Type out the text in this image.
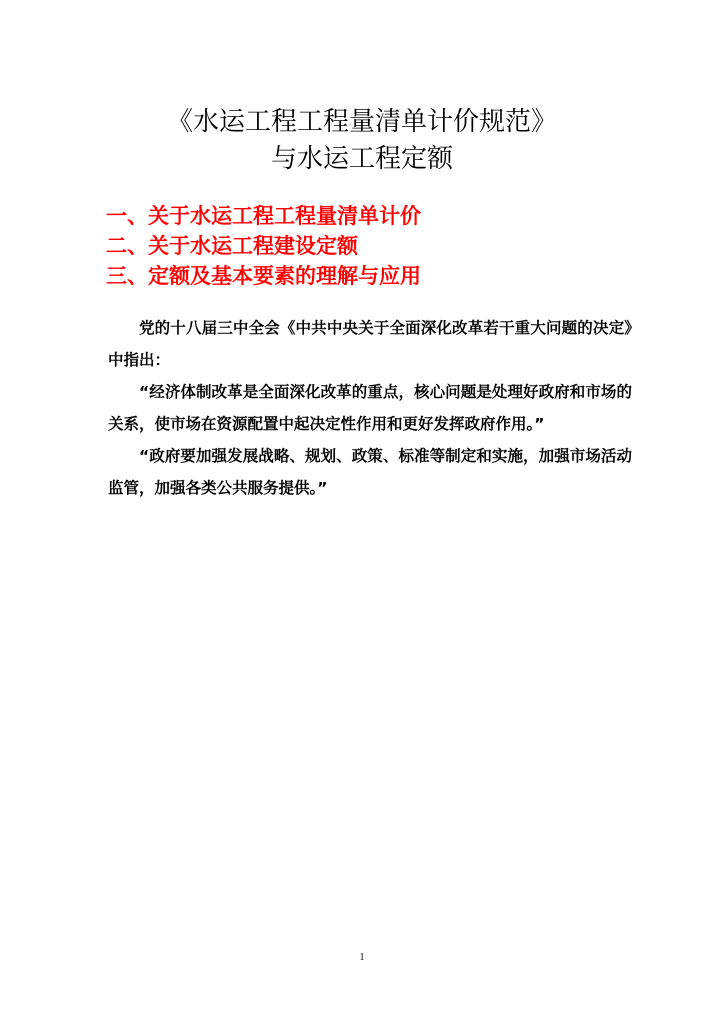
《水运工程工程量清单计价规范》
与水运工程定额
一、关于水运工程工程量清单计价
二、关于水运工程建设定额
三、定额及基本要素的理解与应用

党的十八届三中全会《中共中央关于全面深化改革若干重大问题的决定》中指出：

“经济体制改革是全面深化改革的重点，核心问题是处理好政府和市场的关系，使市场在资源配置中起决定性作用和更好发挥政府作用。”

“政府要加强发展战略、规划、政策、标准等制定和实施，加强市场活动监管，加强各类公共服务提供。”

1
